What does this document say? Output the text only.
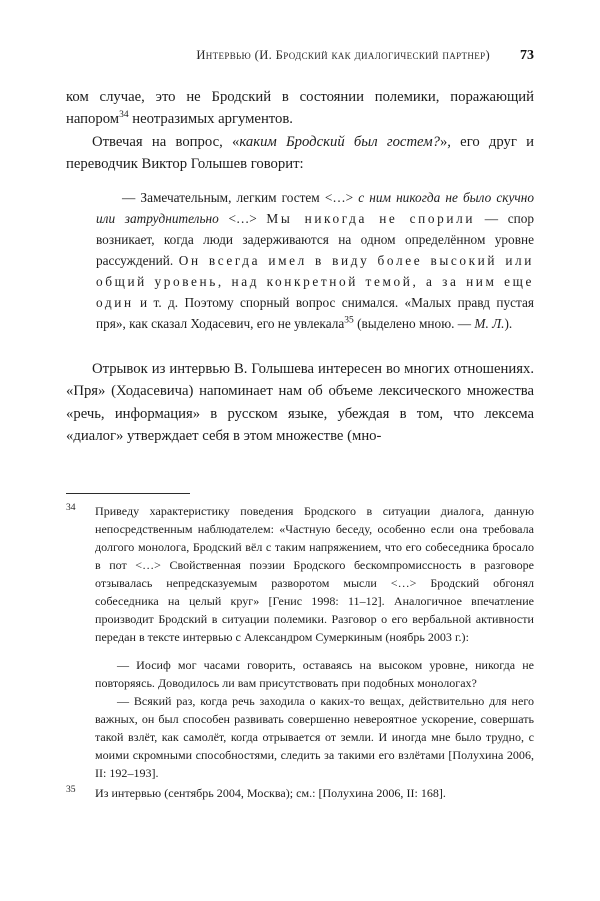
Интервью (И. Бродский как диалогический партнер)	73

ком случае, это не Бродский в состоянии полемики, поражающий напором$^{34}$ неотразимых аргументов.

Отвечая на вопрос, «каким Бродский был гостем?», его друг и переводчик Виктор Голышев говорит:

— Замечательным, легким гостем <…> с ним никогда не было скучно или затруднительно <…> Мы никогда не спорили — спор возникает, когда люди задерживаются на одном определённом уровне рассуждений. Он всегда имел в виду более высокий или общий уровень, над конкретной темой, а за ним еще один и т. д. Поэтому спорный вопрос снимался. «Малых правд пустая пря», как сказал Ходасевич, его не увлекала$^{35}$ (выделено мною. — М. Л.).

Отрывок из интервью В. Голышева интересен во многих отношениях. «Пря» (Ходасевича) напоминает нам об объеме лексического множества «речь, информация» в русском языке, убеждая в том, что лексема «диалог» утверждает себя в этом множестве (мно-

34	Приведу характеристику поведения Бродского в ситуации диалога, данную непосредственным наблюдателем: «Частную беседу, особенно если она требовала долгого монолога, Бродский вёл с таким напряжением, что его собеседника бросало в пот <…> Свойственная поэзии Бродского бескомпромиссность в разговоре отзывалась непредсказуемым разворотом мысли <…> Бродский обгонял собеседника на целый круг» [Генис 1998: 11–12]. Аналогичное впечатление производит Бродский в ситуации полемики. Разговор о его вербальной активности передан в тексте интервью с Александром Сумеркиным (ноябрь 2003 г.):

— Иосиф мог часами говорить, оставаясь на высоком уровне, никогда не повторяясь. Доводилось ли вам присутствовать при подобных монологах?

— Всякий раз, когда речь заходила о каких-то вещах, действительно для него важных, он был способен развивать совершенно невероятное ускорение, совершать такой взлёт, как самолёт, когда отрывается от земли. И иногда мне было трудно, с моими скромными способностями, следить за такими его взлётами [Полухина 2006, II: 192–193].

35	Из интервью (сентябрь 2004, Москва); см.: [Полухина 2006, II: 168].
